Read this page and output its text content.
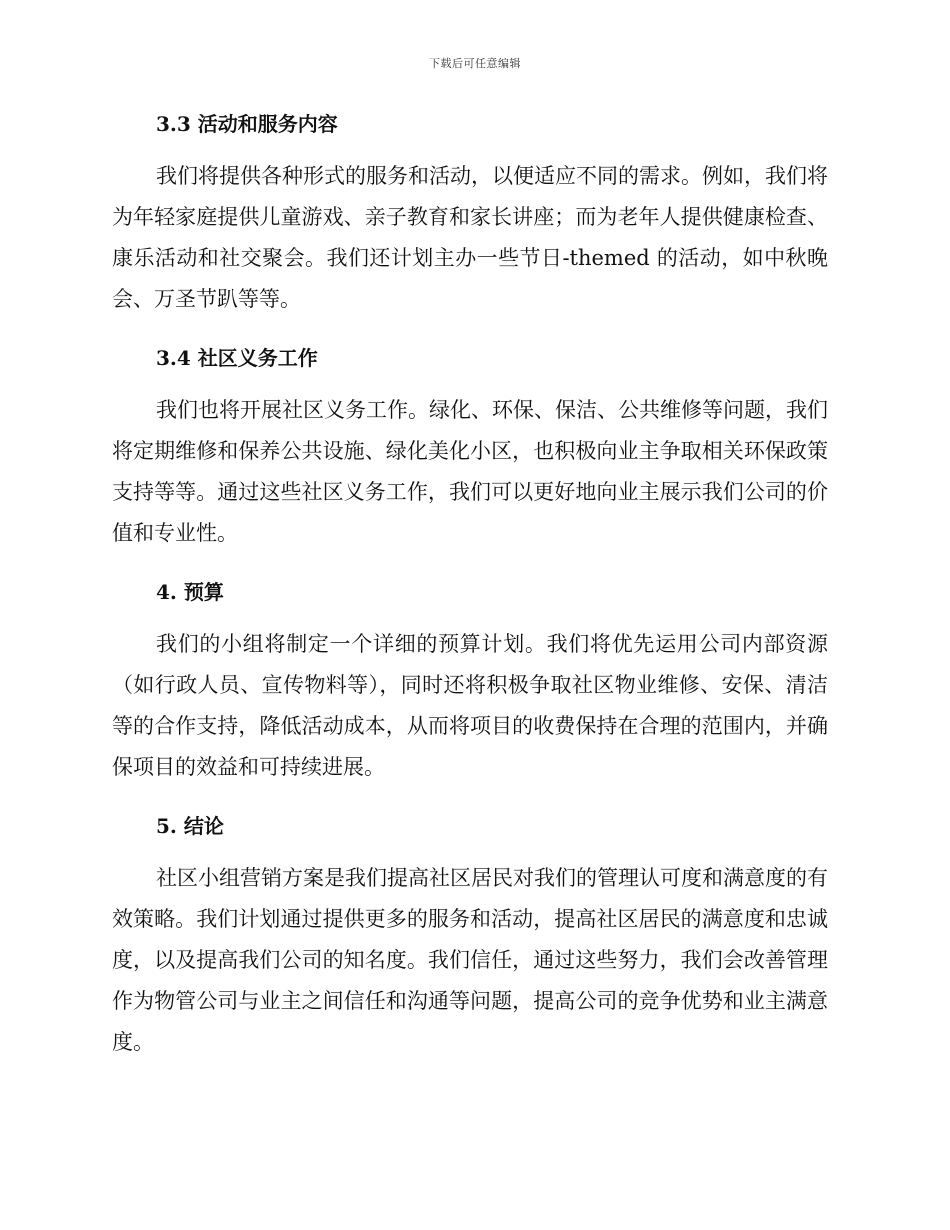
下载后可任意编辑
3.3 活动和服务内容

我们将提供各种形式的服务和活动，以便适应不同的需求。例如，我们将为年轻家庭提供儿童游戏、亲子教育和家长讲座；而为老年人提供健康检查、康乐活动和社交聚会。我们还计划主办一些节日-themed 的活动，如中秋晚会、万圣节趴等等。

3.4 社区义务工作

我们也将开展社区义务工作。绿化、环保、保洁、公共维修等问题，我们将定期维修和保养公共设施、绿化美化小区，也积极向业主争取相关环保政策支持等等。通过这些社区义务工作，我们可以更好地向业主展示我们公司的价值和专业性。

4. 预算

我们的小组将制定一个详细的预算计划。我们将优先运用公司内部资源（如行政人员、宣传物料等），同时还将积极争取社区物业维修、安保、清洁等的合作支持，降低活动成本，从而将项目的收费保持在合理的范围内，并确保项目的效益和可持续进展。

5. 结论

社区小组营销方案是我们提高社区居民对我们的管理认可度和满意度的有效策略。我们计划通过提供更多的服务和活动，提高社区居民的满意度和忠诚度，以及提高我们公司的知名度。我们信任，通过这些努力，我们会改善管理作为物管公司与业主之间信任和沟通等问题，提高公司的竞争优势和业主满意度。
